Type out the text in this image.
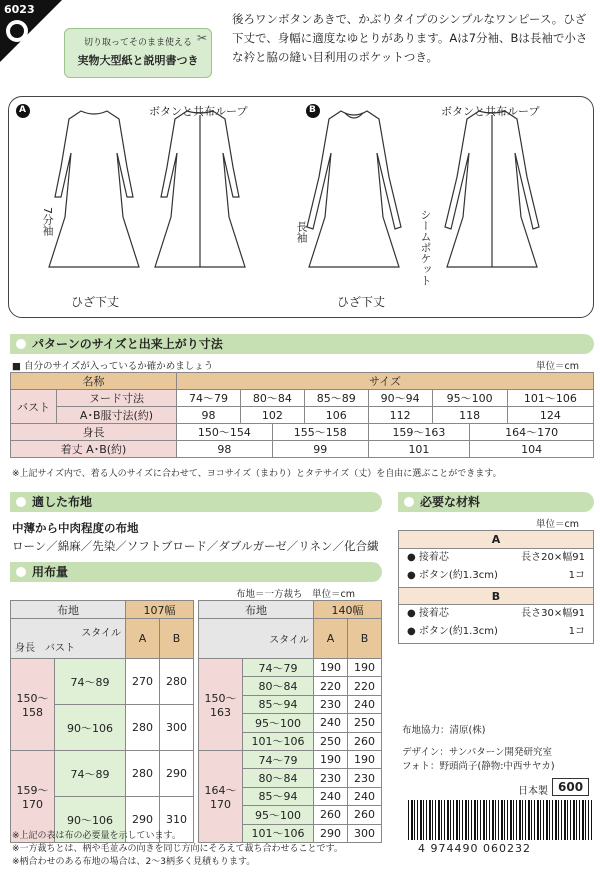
6023
切り取ってそのまま使える
実物大型紙と説明書つき
✂
後ろワンボタンあきで、かぶりタイプのシンプルなワンピース。ひざ下丈で、身幅に適度なゆとりがあります。Aは7分袖、Bは長袖で小さな衿と脇の縫い目利用のポケットつき。
A	B
ボタンと共布ループ	ボタンと共布ループ
7分袖	長袖	シームポケット
ひざ下丈	ひざ下丈
パターンのサイズと出来上がり寸法
■ 自分のサイズが入っているか確かめましょう	単位＝cm
名称		サイズ							
バスト	ヌード寸法	74〜79	80〜84		85〜89	90〜94	95〜100		101〜106
	A･B服寸法(約)	98	102		106	112	118		124
身長		150〜154		155〜158		159〜163		164〜170	
着丈 A･B(約)		98		99		101		104	
※上記サイズ内で、着る人のサイズに合わせて、ヨコサイズ（まわり）とタテサイズ（丈）を自由に選ぶことができます。
適した布地
中薄から中肉程度の布地
ローン／綿麻／先染／ソフトブロード／ダブルガーゼ／リネン／化合繊
必要な材料
単位＝cm
A
● 接着芯	長さ20×幅91
● ボタン(約1.3cm)	1コ
B
● 接着芯	長さ30×幅91
● ボタン(約1.3cm)	1コ
用布量
布地＝一方裁ち　単位＝cm
布地		107幅	

スタイル
身長　 バスト		A	B
150〜158	74〜89	270	280
	90〜106	280	300
159〜170	74〜89	280	290
	90〜106	290	310
布地		140幅	
スタイル		A	B
150〜163	74〜79	190	190
	80〜84	220	220
	85〜94	230	240
	95〜100	240	250
	101〜106	250	260
164〜170	74〜79	190	190
	80〜84	230	230
	85〜94	240	240
	95〜100	260	260
	101〜106	290	300
※上記の表は布の必要量を示しています。
※一方裁ちとは、柄や毛並みの向きを同じ方向にそろえて裁ち合わせることです。
※柄合わせのある布地の場合は、2〜3柄多く見積もります。
布地協力：清原(株)
デザイン：サンパターン開発研究室
フォト：野頭尚子(静物:中西サヤカ)
日本製 600
4 974490 060232
